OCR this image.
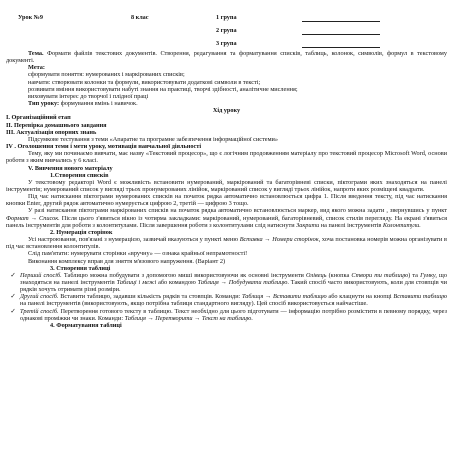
Урок №9	8 клас	1 група
2 група
3 група

Тема. Формати файлів текстових документів. Створення, редагування та форматування списків, таблиць, колонок, символів, формул в текстовому документі.

Мета:

сформувати поняття: нумерованих і маркірованих списків;

навчати: створювати колонки та формули, використовувати додаткові символи в тексті;

розвивати вміння використовувати набуті знання на практиці, творчі здібності, аналітичне мислення;

виховувати інтерес до творчої і плідної праці

Тип уроку: формування вмінь і навичок.

Хід уроку

І. Організаційний етап

ІІ. Перевірка домашнього завдання

ІІІ. Актуалізація опорних знань

Підсумкове тестування з теми «Апаратне та програмне забезпечення інформаційної системи»

ІV . Оголошення теми і мети уроку, мотивація навчальної діяльності

Тему, яку ми починаємо вивчати, має назву «Текстовий процесор», що є логічним продовженням матеріалу про текстовий процесор Microsoft Word, основи роботи з яким вивчались у 6 класі.

V. Вивчення нового матеріалу

1.Створення списків

У текстовому редакторі Word є можливість встановити нумерований, маркірований та багаторівневі списки, піктограми яких знаходяться на панелі інструментів; нумерований список у вигляді трьох пронумерованих лінійок, маркірований список у вигляді трьох лінійок, напроти яких розміщені квадрати.

Під час натискання піктограми нумерованих списків на початок рядка автоматично встановлюється цифра 1. Після введення тексту, під час натискання кнопки Enter, другий рядок автоматично нумерується цифрою 2, третій — цифрою 3 тощо.

У разі натискання піктограми маркірованих списків на початок рядка автоматично встановлюється маркер, вид якого можна задати , звернувшись у пункт Формат → Список. Після цього з'явиться вікно із чотирма закладками: маркірований, нумерований, багаторівневий, список стилів перегляду. На екрані з'явиться панель інструментів для роботи з колонтитулами. Після завершення роботи з колонтитулами слід натиснути Закрити на панелі інструментів Колонтитули.

2. Нумерація сторінок

Усі настроювання, пов'язані з нумерацією, зазвичай вказуються у пункті меню Вставка → Номери сторінок, хоча постановка номерів можна організувати в під час встановлення колонтитулів.

Слід пам'ятати: нумерувати сторінки «вручну» — ознака крайньої непрамотності!

Виконання комплексу вправ для зняття м'язового напруження. (Варіант 2)

3. Створення таблиці

✓ Перший спосіб. Таблицю можна побудувати з допомогою миші використовуючи як основні інструменти Олівець (кнопка Створи ти таблицю) та Гумку, що знаходяться на панелі інструментів Таблиці і межі або командою Таблиця → Побудувати таблицю. Такий спосіб часто використовують, коли для стовпців чи рядків хочуть отримати різні розміри.

✓ Другий спосіб. Вставити таблицю, задавши кількість рядків та стовпців. Команди: Таблиця → Вставити таблицю або клацнути на кнопці Вставити таблицю на панелі інструментів (використовують, якщо потрібна таблиця стандартного вигляду). Цей спосіб використовується найчастіше.

✓ Третій спосіб. Перетворення готового тексту в таблицю. Текст необхідно для цього підготувати — інформацію потрібно розмістити в певному порядку, через однакові проміжки чи знаки. Команди: Таблиця → Перетворити → Текст на таблицю.

4. Форматування таблиці
